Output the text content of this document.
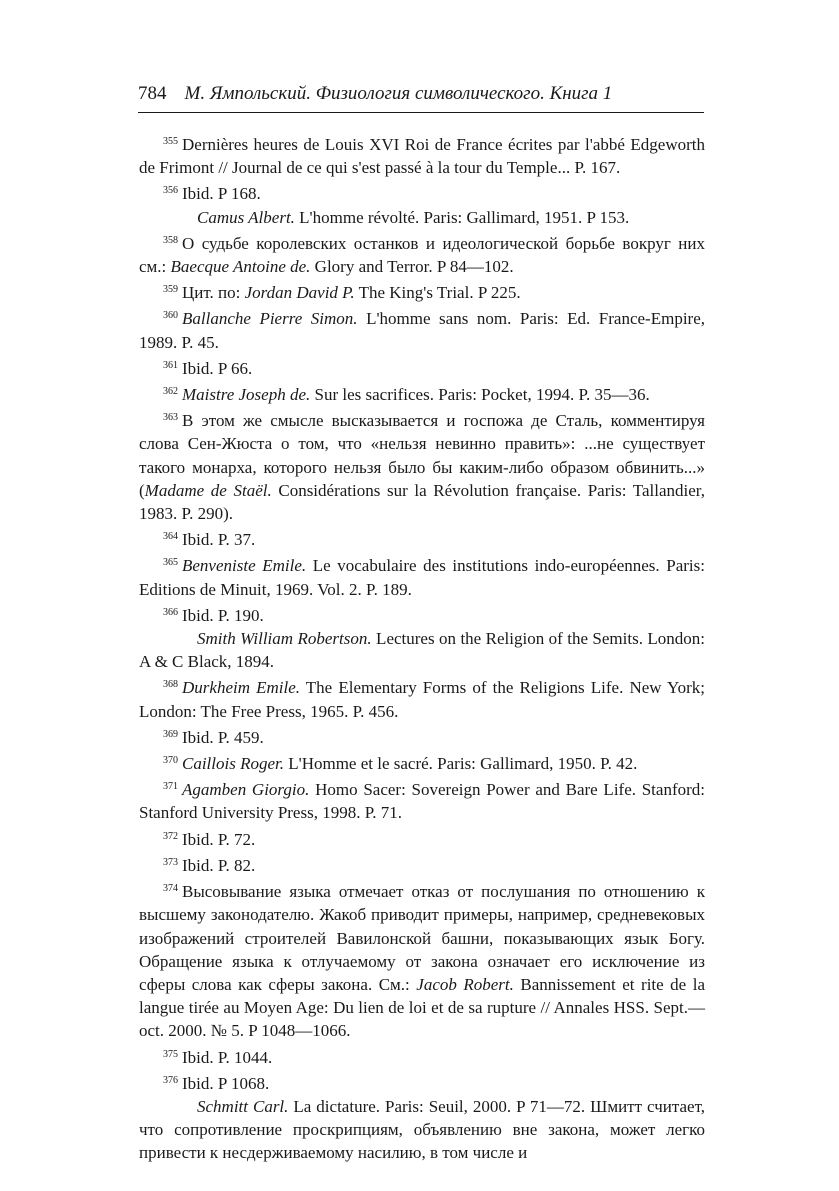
784 М. Ямпольский. Физиология символического. Книга 1

$^{355}$ Dernières heures de Louis XVI Roi de France écrites par l'abbé Edgeworth de Frimont // Journal de ce qui s'est passé à la tour du Temple... P. 167.

$^{356}$ Ibid. P 168.

Camus Albert. L'homme révolté. Paris: Gallimard, 1951. P 153.

$^{358}$ О судьбе королевских останков и идеологической борьбе вокруг них см.: Baecque Antoine de. Glory and Terror. P 84—102.

$^{359}$ Цит. по: Jordan David P. The King's Trial. P 225.

$^{360}$ Ballanche Pierre Simon. L'homme sans nom. Paris: Ed. France-Empire, 1989. P. 45.

$^{361}$ Ibid. P 66.

$^{362}$ Maistre Joseph de. Sur les sacrifices. Paris: Pocket, 1994. P. 35—36.

$^{363}$ В этом же смысле высказывается и госпожа де Сталь, комментируя слова Сен-Жюста о том, что «нельзя невинно править»: ...не существует такого монарха, которого нельзя было бы каким-либо образом обвинить...» (Madame de Staël. Considérations sur la Révolution française. Paris: Tallandier, 1983. P. 290).

$^{364}$ Ibid. P. 37.

$^{365}$ Benveniste Emile. Le vocabulaire des institutions indo-européennes. Paris: Editions de Minuit, 1969. Vol. 2. P. 189.

$^{366}$ Ibid. P. 190.

Smith William Robertson. Lectures on the Religion of the Semits. London: A & C Black, 1894.

$^{368}$ Durkheim Emile. The Elementary Forms of the Religions Life. New York; London: The Free Press, 1965. P. 456.

$^{369}$ Ibid. P. 459.

$^{370}$ Caillois Roger. L'Homme et le sacré. Paris: Gallimard, 1950. P. 42.

$^{371}$ Agamben Giorgio. Homo Sacer: Sovereign Power and Bare Life. Stanford: Stanford University Press, 1998. P. 71.

$^{372}$ Ibid. P. 72.

$^{373}$ Ibid. P. 82.

$^{374}$ Высовывание языка отмечает отказ от послушания по отношению к высшему законодателю. Жакоб приводит примеры, например, средневековых изображений строителей Вавилонской башни, показывающих язык Богу. Обращение языка к отлучаемому от закона означает его исключение из сферы слова как сферы закона. См.: Jacob Robert. Bannissement et rite de la langue tirée au Moyen Age: Du lien de loi et de sa rupture // Annales HSS. Sept.—oct. 2000. № 5. P 1048—1066.

$^{375}$ Ibid. P. 1044.

$^{376}$ Ibid. P 1068.

Schmitt Carl. La dictature. Paris: Seuil, 2000. P 71—72. Шмитт считает, что сопротивление проскрипциям, объявлению вне закона, может легко привести к несдерживаемому насилию, в том числе и
